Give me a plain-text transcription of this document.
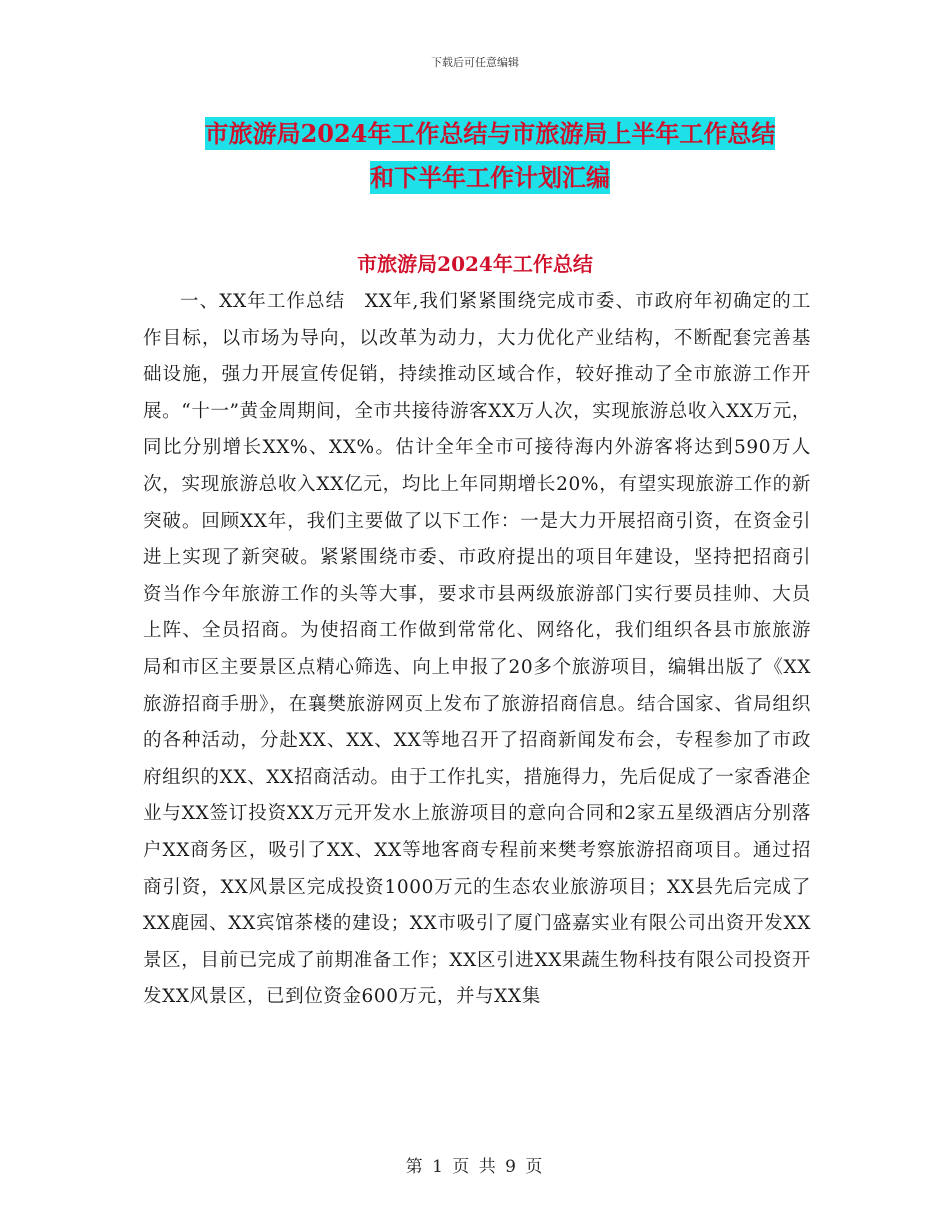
下载后可任意编辑
市旅游局2024年工作总结与市旅游局上半年工作总结
和下半年工作计划汇编
市旅游局2024年工作总结
一、XX年工作总结　XX年,我们紧紧围绕完成市委、市政府年初确定的工作目标，以市场为导向，以改革为动力，大力优化产业结构，不断配套完善基础设施，强力开展宣传促销，持续推动区域合作，较好推动了全市旅游工作开展。“十一”黄金周期间，全市共接待游客XX万人次，实现旅游总收入XX万元，同比分别增长XX%、XX%。估计全年全市可接待海内外游客将达到590万人次，实现旅游总收入XX亿元，均比上年同期增长20%，有望实现旅游工作的新突破。回顾XX年，我们主要做了以下工作：一是大力开展招商引资，在资金引进上实现了新突破。紧紧围绕市委、市政府提出的项目年建设，坚持把招商引资当作今年旅游工作的头等大事，要求市县两级旅游部门实行要员挂帅、大员上阵、全员招商。为使招商工作做到常常化、网络化，我们组织各县市旅旅游局和市区主要景区点精心筛选、向上申报了20多个旅游项目，编辑出版了《XX旅游招商手册》，在襄樊旅游网页上发布了旅游招商信息。结合国家、省局组织的各种活动，分赴XX、XX、XX等地召开了招商新闻发布会，专程参加了市政府组织的XX、XX招商活动。由于工作扎实，措施得力，先后促成了一家香港企业与XX签订投资XX万元开发水上旅游项目的意向合同和2家五星级酒店分别落户XX商务区，吸引了XX、XX等地客商专程前来樊考察旅游招商项目。通过招商引资，XX风景区完成投资1000万元的生态农业旅游项目；XX县先后完成了XX鹿园、XX宾馆茶楼的建设；XX市吸引了厦门盛嘉实业有限公司出资开发XX景区，目前已完成了前期准备工作；XX区引进XX果蔬生物科技有限公司投资开发XX风景区，已到位资金600万元，并与XX集
第 1 页 共 9 页
